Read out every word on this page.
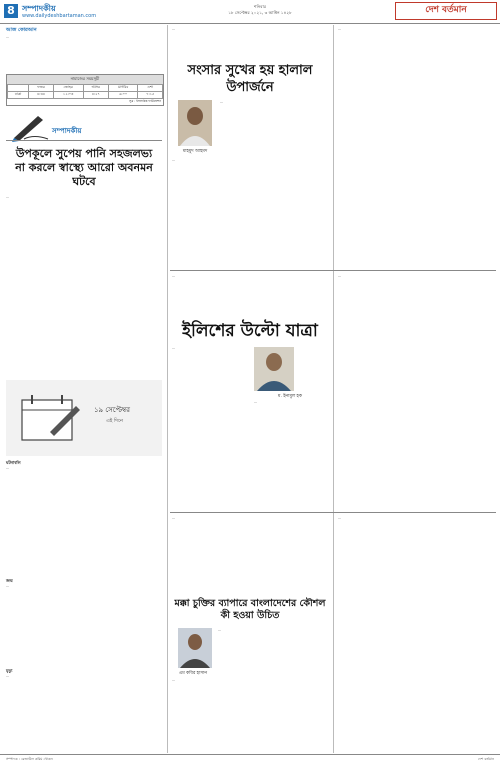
8 সম্পাদকীয়
www.dailydeshbartaman.com
শনিবার
১৮ সেপ্টেম্বর ২০২১, ৩ আশ্বিন ১৪২৮	দেশ বর্তমান
আজ কোরআন
…
নামাজের সময়সূচী
	ফজর	জোহর	আসর	মাগরিব	এশা
ঢাকা	৪:৩৪	১২:০৩	৪:২৭	৬:০০	৭:১৫
সূত্র : ইসলামিক ফাউন্ডেশন
সম্পাদকীয়
উপকূলে সুপেয় পানি সহজলভ্য না করলে স্বাস্থ্যে আরো অবনমন ঘটবে
…
১৯ সেপ্টেম্বর
এই দিনে
ঘটনাবলি
…
জন্ম
…
মৃত্যু
…
…
সংসার সুখের হয় হালাল উপার্জনে
মাহমুদ আহমদ
…
…
…
…
ইলিশের উল্টো যাত্রা
…
ম. ইনামুল হক
…
…
…
মক্কা চুক্তির ব্যাপারে বাংলাদেশের কৌশল কী হওয়া উচিত
এম কবির হাসান
…
…
…
সম্পাদক : রেজাউল করিম খোকন	দেশ বর্তমান
